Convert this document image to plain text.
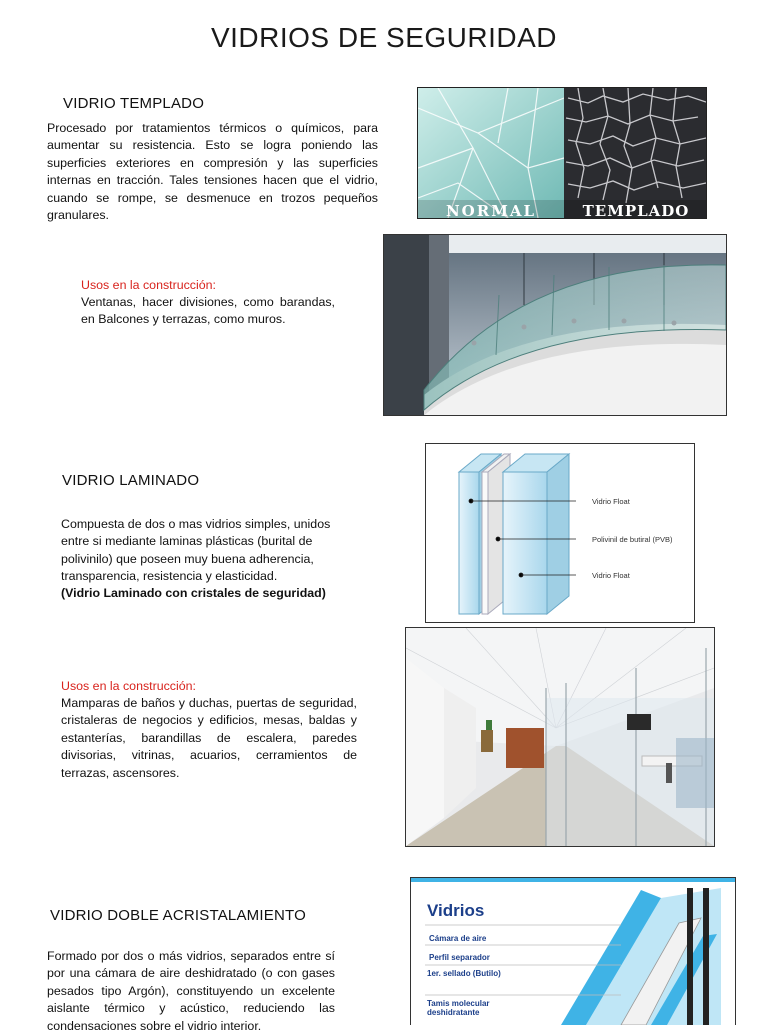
VIDRIOS DE SEGURIDAD
VIDRIO TEMPLADO
Procesado por tratamientos térmicos o químicos, para aumentar su resistencia. Esto se logra poniendo las superficies exteriores en compresión y las superficies internas en tracción. Tales tensiones hacen que el vidrio, cuando se rompe, se desmenuce en trozos pequeños granulares.	NORMAL	TEMPLADO
Usos en la construcción:
Ventanas, hacer divisiones, como barandas, en Balcones y terrazas, como muros.
VIDRIO LAMINADO
Compuesta de dos o mas vidrios simples, unidos entre si mediante laminas plásticas (burital de polivinilo) que poseen muy buena adherencia, transparencia, resistencia y elasticidad.
(Vidrio Laminado con cristales de seguridad)
Vidrio Float
Polivinil de butiral (PVB)
Vidrio Float
Usos en la construcción:
Mamparas de baños y duchas, puertas de seguridad, cristaleras de negocios y edificios, mesas, baldas y estanterías, barandillas de escalera, paredes divisorias, vitrinas, acuarios, cerramientos de terrazas, ascensores.
VIDRIO DOBLE ACRISTALAMIENTO
Formado por dos o más vidrios, separados entre sí por una cámara de aire deshidratado (o con gases pesados tipo Argón), constituyendo un excelente aislante térmico y acústico, reduciendo las condensaciones sobre el vidrio interior.
Vidrios
Cámara de aire
Perfil separador
1er. sellado (Butilo)
Tamis molecular deshidratante
